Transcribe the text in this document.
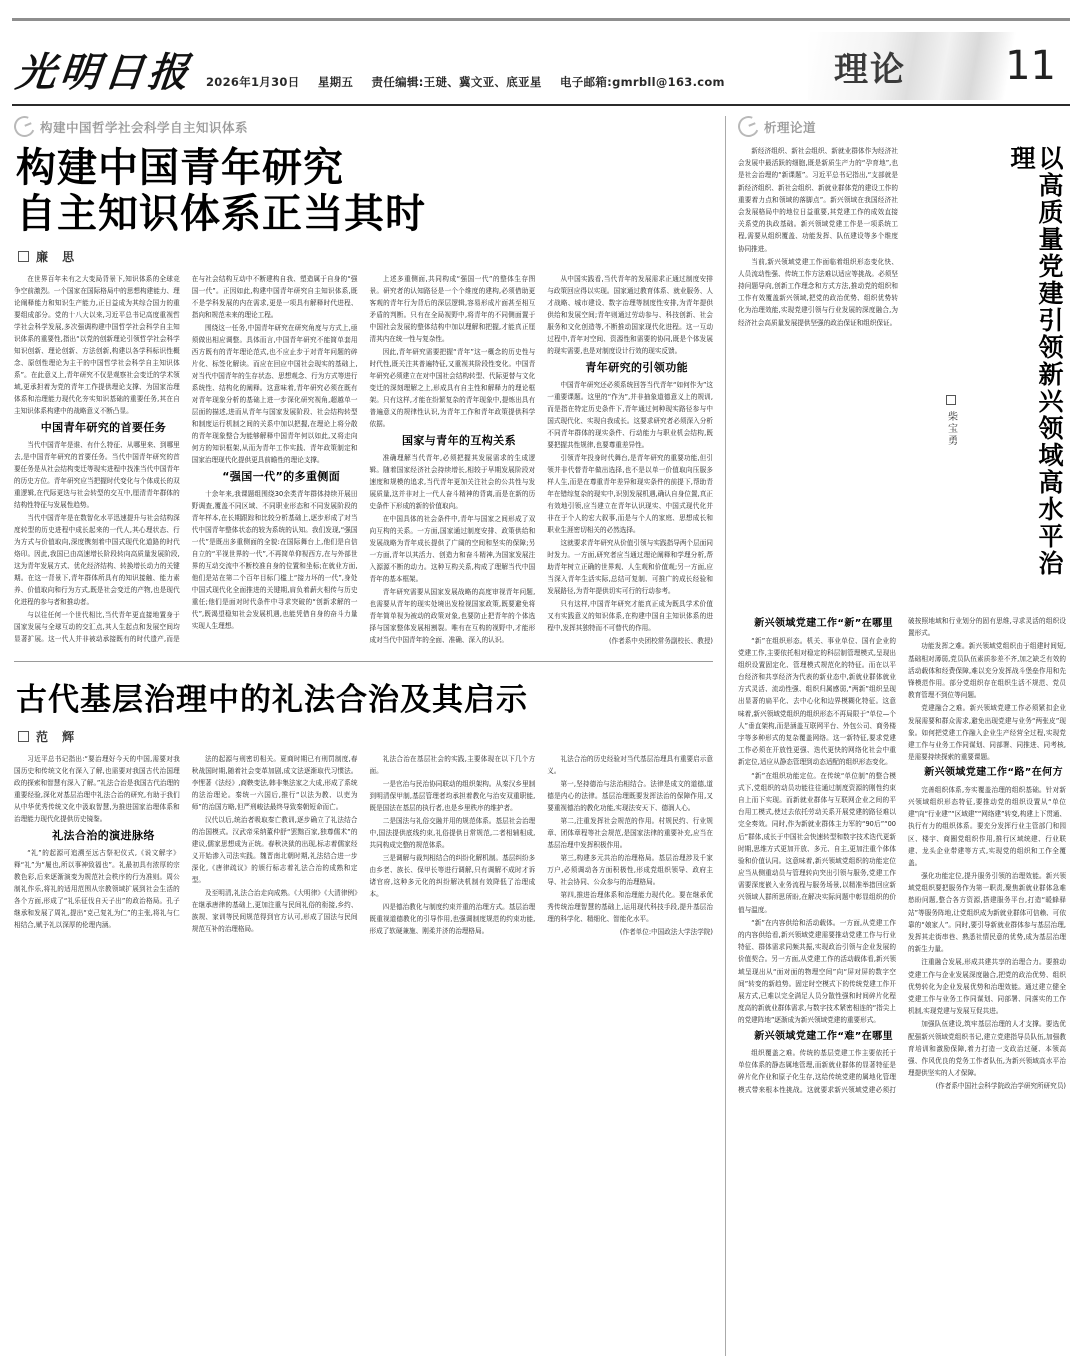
光明日报	2026年1月30日 星期五 责任编辑:王琎、冀文亚、底亚星 电子邮箱:gmrbll@163.com	理论 11
构建中国哲学社会科学自主知识体系
构建中国青年研究
自主知识体系正当其时
廉 思

在世界百年未有之大变局背景下,知识体系的全球竞争空前激烈。一个国家在国际格局中的思想构建能力、理论阐释能力和知识生产能力,正日益成为其综合国力的重要组成部分。党的十八大以来,习近平总书记高度重视哲学社会科学发展,多次强调构建中国哲学社会科学自主知识体系的重要性,指出“以党的创新理论引领哲学社会科学知识创新、理论创新、方法创新,构建以各学科标识性概念、原创性理论为主干的中国哲学社会科学自主知识体系”。在此意义上,青年研究不仅是观察社会变迁的学术领域,更承担着为党的青年工作提供理论支撑、为国家治理体系和治理能力现代化夯实知识基础的重要任务,其在自主知识体系构建中的战略意义不断凸显。

中国青年研究的首要任务

当代中国青年是谁、有什么特征、从哪里来、到哪里去,是中国青年研究的首要任务。当代中国青年研究的首要任务是从社会结构变迁等现实进程中找准当代中国青年的历史方位。青年研究应当把握时代变化与个体成长的双重逻辑,在代际更迭与社会转型的交互中,厘清青年群体的结构性特征与发展性趋势。

当代中国青年是在数智化水平迅速提升与社会结构深度转型的历史进程中成长起来的一代人,其心理状态、行为方式与价值取向,深度镌刻着中国式现代化道路的时代烙印。因此,我国已由高速增长阶段转向高质量发展阶段,这为青年发展方式、优化经济结构、转换增长动力的关键期。在这一背景下,青年群体所具有的知识接触、能力素养、价值取向和行为方式,既是社会变迁的产物,也是现代化进程的参与者和推动者。

与以往任何一个世代相比,当代青年更直接地置身于国家发展与全球互动的交汇点,其人生起点和发展空间均显著扩展。这一代人并非被动承接既有的时代遗产,而是在与社会结构互动中不断建构自我、塑造属于自身的“强国一代”。正因如此,构建中国青年研究自主知识体系,既不是学科发展的内在需求,更是一项具有解释时代进程、指向和规范未来的理论工程。

围绕这一任务,中国青年研究在研究角度与方式上,亟须做出相应调整。具体而言,中国青年研究不能简单套用西方既有的青年理论范式,也不应止步于对青年问题的碎片化、标签化解读。而应在回应中国社会现实的基础上,对当代中国青年的生存状态、思想观念、行为方式等进行系统性、结构化的阐释。这意味着,青年研究必须在既有对青年现象分析的基础上进一步深化研究视角,超越单一层面的描述,进而从青年与国家发展阶段、社会结构转型和制度运行机制之间的关系中加以把握,在理论上将分散的青年现象整合为能够解释中国青年何以如此,又将走向何方的知识框架,从而为青年工作实践、青年政策制定和国家治理现代化提供更具前瞻性的理论支撑。

“强国一代”的多重侧面

十余年来,我课题组围绕30余类青年群体持续开展田野调查,覆盖不同区域、不同职业形态和不同发展阶段的青年样本,在长期跟踪和比较分析基础上,逐步形成了对当代中国青年整体状态的较为系统的认知。我们发现,“强国一代”是既出多重侧面的全貌:在国际舞台上,他们是自信自立的“平视世界的一代”,不再简单仰视西方,在与外部世界的互动交流中不断校准自身的位置和坐标;在就业方面,他们是站在第二个百年目标门槛上“接力坏的一代”,身处中国式现代化全面推进的关键期,肩负着薪火相传与历史重任;他们是面对时代条件中寻求突破的“创新求解的一代”,既渴望稳知社会发展机遇,也能凭借自身的奋斗力量实现人生理想。

上述多重侧面,共同构成“强国一代”的整体生存图景。研究者的认知路径是一个个维度的建构,必须借助更客观的青年行为背后的深层逻辑,容易形成片面甚至相互矛盾的判断。只有在全局视野中,将青年的不同侧面置于中国社会发展的整体结构中加以理解和把握,才能真正厘清其内在统一性与复杂性。

因此,青年研究需要把握“青年”这一概念的历史性与时代性,既关注其普遍特征,又重视其阶段性变化。中国青年研究必须建立在对中国社会结构转型、代际更替与文化变迁的深刻理解之上,形成具有自主性和解释力的理论框架。只有这样,才能在纷繁复杂的青年现象中,提炼出具有普遍意义的规律性认识,为青年工作和青年政策提供科学依据。

国家与青年的互构关系

准确理解当代青年,必须把握其发展需求的生成逻辑。随着国家经济社会持续增长,相较于早期发展阶段对速度和规模的追求,当代青年更加关注社会的公共性与发展质量,这并非对上一代人奋斗精神的背离,而是在新的历史条件下形成的新的价值取向。

在中国具体的社会条件中,青年与国家之间形成了双向互构的关系。一方面,国家通过制度安排、政策供给和发展战略为青年成长提供了广阔的空间和坚实的保障;另一方面,青年以其活力、创造力和奋斗精神,为国家发展注入源源不断的动力。这种互构关系,构成了理解当代中国青年的基本框架。

青年研究需要从国家发展战略的高度审视青年问题,也需要从青年的现实处境出发检视国家政策,既要避免将青年简单视为被动的政策对象,也要防止把青年的个体选择与国家整体发展相割裂。唯有在互构的视野中,才能形成对当代中国青年的全面、准确、深入的认识。

从中国实践看,当代青年的发展需求正通过制度安排与政策回应得以实现。国家通过教育体系、就业服务、人才战略、城市建设、数字治理等制度性安排,为青年提供供给和发展空间;青年则通过劳动参与、科技创新、社会服务和文化创造等,不断推动国家现代化进程。这一互动过程中,青年对空间、资源性和需要的协同,既是个体发展的现实需要,也是对制度设计行效的现实反馈。

青年研究的引领功能

中国青年研究还必须系统回答当代青年“如何作为”这一重要课题。这里的“作为”,并非抽象道德意义上的规训,而是指在特定历史条件下,青年通过何种现实路径参与中国式现代化、实现自我成长。这要求研究者必须深入分析不同青年群体的现实条件、行动能力与职业机会结构,既要把握共性规律,也要尊重差异性。

引领青年投身时代舞台,是青年研究的重要功能,但引领并非代替青年做出选择,也不是以单一价值取向压服多样人生,而是在尊重青年差异和现实条件的前提下,帮助青年在错综复杂的现实中,识别发展机遇,确认自身位置,真正有效地引领,应当建立在青年认识现实、中国式现代化并非在于个人的宏大叙事,而是与个人的家庭、思想成长和职业生涯密切相关的必然选择。

这就要求青年研究从价值引领与实践指导两个层面同时发力。一方面,研究者应当通过理论阐释和学理分析,帮助青年树立正确的世界观、人生观和价值观;另一方面,应当深入青年生活实际,总结可复制、可推广的成长经验和发展路径,为青年提供切实可行的行动参考。

只有这样,中国青年研究才能真正成为既具学术价值又有实践意义的知识体系,在构建中国自主知识体系的进程中,发挥其独特而不可替代的作用。

(作者系中央团校常务副校长、教授)

古代基层治理中的礼法合治及其启示
范 辉

习近平总书记指出:“要治理好今天的中国,需要对我国历史和传统文化有深入了解,也需要对我国古代治国理政的探索和智慧有深入了解。”礼法合治是我国古代治理的重要经验,深化对基层治理中礼法合治的研究,有助于我们从中华优秀传统文化中汲取智慧,为推进国家治理体系和治理能力现代化提供历史镜鉴。

礼法合治的演进脉络

“礼”的起源可追溯至远古祭祀仪式,《说文解字》释“礼”为“履也,所以事神致福也”。礼最初具有浓厚的宗教色彩,后来逐渐演变为规范社会秩序的行为准则。周公制礼作乐,将礼的适用范围从宗教领域扩展到社会生活的各个方面,形成了“礼乐征伐自天子出”的政治格局。孔子继承和发展了周礼,提出“克己复礼为仁”的主张,将礼与仁相结合,赋予礼以深厚的伦理内涵。

法的起源与刑密切相关。夏商时期已有刑罚制度,春秋战国时期,随着社会变革加剧,成文法逐渐取代习惯法。李悝著《法经》,商鞅变法,韩非集法家之大成,形成了系统的法治理论。秦统一六国后,推行“以法为教、以吏为师”的治国方略,但严刑峻法最终导致秦朝短命而亡。

汉代以后,统治者吸取秦亡教训,逐步确立了礼法结合的治国模式。汉武帝采纳董仲舒“罢黜百家,独尊儒术”的建议,儒家思想成为正统。春秋决狱的出现,标志着儒家经义开始渗入司法实践。魏晋南北朝时期,礼法结合进一步深化,《唐律疏议》的颁行标志着礼法合治的成熟和定型。

及至明清,礼法合治走向成熟。《大明律》《大清律例》在继承唐律的基础上,更加注重与民间礼俗的衔接,乡约、族规、家训等民间规范得到官方认可,形成了国法与民间规范互补的治理格局。

礼法合治在基层社会的实践,主要体现在以下几个方面。

一是官治与民治协同联动的组织架构。从秦汉乡里制到明清保甲制,基层管理者均承担着教化与治安双重职能,既是国法在基层的执行者,也是乡里秩序的维护者。

二是国法与礼俗交融并用的规范体系。基层社会治理中,国法提供底线约束,礼俗提供日常规范,二者相辅相成,共同构成完整的规范体系。

三是调解与裁判相结合的纠纷化解机制。基层纠纷多由乡老、族长、保甲长等进行调解,只有调解不成时才诉诸官府,这种多元化的纠纷解决机制有效降低了治理成本。

四是德治教化与制度约束并重的治理方式。基层治理既重视道德教化的引导作用,也强调制度规范的约束功能,形成了软硬兼施、刚柔并济的治理格局。

礼法合治的历史经验对当代基层治理具有重要启示意义。

第一,坚持德治与法治相结合。法律是成文的道德,道德是内心的法律。基层治理既要发挥法治的保障作用,又要重视德治的教化功能,实现法安天下、德润人心。

第二,注重发挥社会规范的作用。村规民约、行业规章、团体章程等社会规范,是国家法律的重要补充,应当在基层治理中发挥积极作用。

第三,构建多元共治的治理格局。基层治理涉及千家万户,必须调动各方面积极性,形成党组织领导、政府主导、社会协同、公众参与的治理格局。

第四,推进治理体系和治理能力现代化。要在继承优秀传统治理智慧的基础上,运用现代科技手段,提升基层治理的科学化、精细化、智能化水平。

(作者单位:中国政法大学法学院)

析理论道
以高质量党建引领新兴领域高水平治理
柴宝勇

新经济组织、新社会组织、新就业群体作为经济社会发展中最活跃的细胞,既是新质生产力的“孕育地”,也是社会治理的“新课题”。习近平总书记指出,“支部就是新经济组织、新社会组织、新就业群体党的建设工作的重要着力点和领域的落脚点”。新兴领域在我国经济社会发展格局中的地位日益重要,其党建工作的成效直接关系党的执政基础。新兴领域党建工作是一项系统工程,需要从组织覆盖、功能发挥、队伍建设等多个维度协同推进。

当前,新兴领域党建工作面临着组织形态变化快、人员流动性强、传统工作方法难以适应等挑战。必须坚持问题导向,创新工作理念和方式方法,推动党的组织和工作有效覆盖新兴领域,把党的政治优势、组织优势转化为治理效能,实现党建引领与行业发展的深度融合,为经济社会高质量发展提供坚强的政治保证和组织保证。

新兴领域党建工作“新”在哪里

“新”在组织形态。机关、事业单位、国有企业的党建工作,主要依托相对稳定的科层制管理模式,呈现出组织设置固定化、管理模式规范化的特征。而在以平台经济和共享经济为代表的新业态中,新就业群体就业方式灵活、流动性强、组织归属感弱,“两新”组织呈现出显著的扁平化、去中心化和边界模糊化特征。这意味着,新兴领域党组织的组织形态不再局限于“单位—个人”垂直架构,而是涵盖互联网平台、外包公司、商务楼宇等多种形式的复杂覆盖网络。这一新特征,要求党建工作必须在开放性更强、迭代更快的网络化社会中重新定位,适应从静态管理到动态适配的组织形态变化。

“新”在组织功能定位。在传统“单位制”的整合模式下,党组织的动员功能往往通过制度资源的刚性约束自上而下实现。而新就业群体与互联网企业之间的平台用工模式,使过去依托劳动关系开展党建的路径难以完全奏效。同时,作为新就业群体主力军的“90后”“00后”群体,成长于中国社会快速转型和数字技术迭代更新时期,思维方式更加开放、多元、自主,更加注重个体体验和价值认同。这意味着,新兴领域党组织的功能定位应当从侧重动员与管理转向突出引领与服务,党建工作需要深度嵌入业务流程与服务场景,以精准举措回应新兴领域人群所思所盼,在解决实际问题中彰显组织的价值与温度。

“新”在内容供给和活动载体。一方面,从党建工作的内容供给看,新兴领域党建需要推动党建工作与行业特征、群体需求同频共振,实现政治引领与企业发展的价值契合。另一方面,从党建工作的活动载体看,新兴领域呈现出从“面对面的物理空间”向“屏对屏的数字空间”转变的新趋势。固定时空模式下的传统党建工作开展方式,已难以完全满足人员分散性强和时间碎片化程度高的新就业群体需求,与数字技术紧密相连的“指尖上的党建阵地”逐渐成为新兴领域党建的重要形式。

新兴领域党建工作“难”在哪里

组织覆盖之难。传统的基层党建工作主要依托于单位体系的静态属地管理,而新就业群体的显著特征是碎片化作业和原子化生存,这给传统党建的属地化管理模式带来根本性挑战。这就要求新兴领域党建必须打破按照地域和行业划分的固有思维,寻求灵活的组织设置形式。

功能发挥之难。新兴领域党组织由于组建时间短,基础相对薄弱,党员队伍素质参差不齐,加之缺乏有效的活动载体和经费保障,难以充分发挥战斗堡垒作用和先锋模范作用。部分党组织存在组织生活不规范、党员教育管理不到位等问题。

党建融合之难。新兴领域党建工作必须紧扣企业发展需要和群众需求,避免出现党建与业务“两张皮”现象。如何把党建工作融入企业生产经营全过程,实现党建工作与业务工作同谋划、同部署、同推进、同考核,是需要持续探索的重要课题。

新兴领域党建工作“路”在何方

完善组织体系,夯实覆盖治理的组织基础。针对新兴领域组织形态特征,要推动党的组织设置从“单位建”向“行业建”“区域建”“网络建”转变,构建上下贯通、执行有力的组织体系。要充分发挥行业主管部门和园区、楼宇、商圈党组织作用,推行区域统建、行业联建、龙头企业带建等方式,实现党的组织和工作全覆盖。

强化功能定位,提升服务引领的治理效能。新兴领域党组织要把服务作为第一职责,聚焦新就业群体急难愁盼问题,整合各方资源,搭建服务平台,打造“暖蜂驿站”等服务阵地,让党组织成为新就业群体可信赖、可依靠的“娘家人”。同时,要引导新就业群体参与基层治理,发挥其走街串巷、熟悉社情民意的优势,成为基层治理的新生力量。

注重融合发展,形成共建共享的治理合力。要推动党建工作与企业发展深度融合,把党的政治优势、组织优势转化为企业发展优势和治理效能。通过建立健全党建工作与业务工作同谋划、同部署、同落实的工作机制,实现党建与发展互促共进。

加强队伍建设,筑牢基层治理的人才支撑。要选优配强新兴领域党组织书记,建立党建指导员队伍,加强教育培训和激励保障,着力打造一支政治过硬、本领高强、作风优良的党务工作者队伍,为新兴领域高水平治理提供坚实的人才保障。

(作者系中国社会科学院政治学研究所研究员)
